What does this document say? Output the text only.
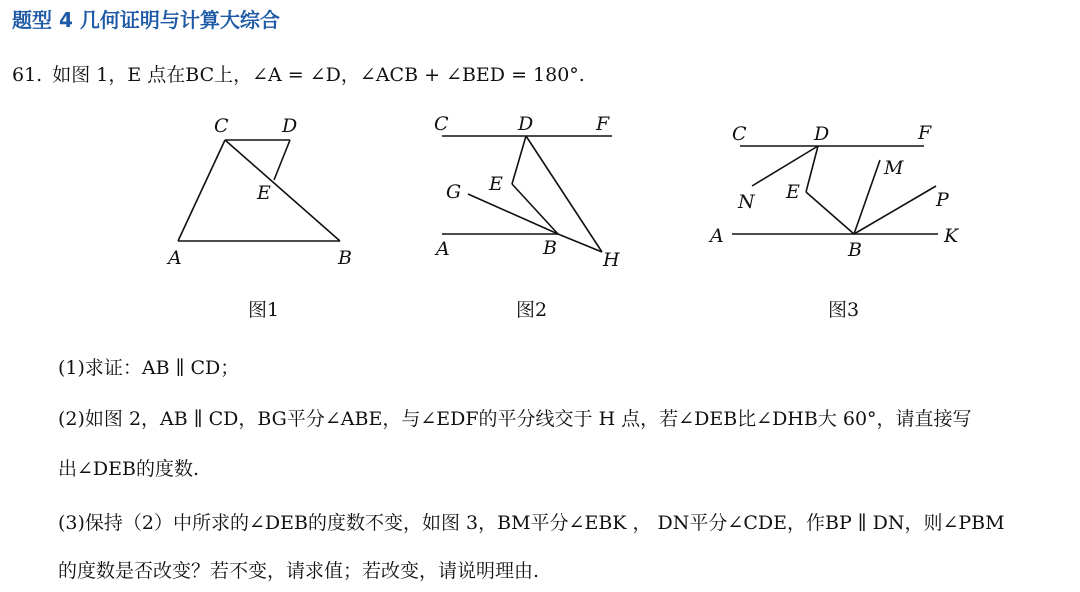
题型 4 几何证明与计算大综合
61. 如图 1，E 点在BC上，∠A = ∠D，∠ACB + ∠BED = 180°.
C	D
E
A	B
图1
C	D	F
G E
A	B
H
图2
C	D	F
M
N E	P
A
B
K
图3
(1)求证：AB ∥ CD；
(2)如图 2，AB ∥ CD，BG平分∠ABE，与∠EDF的平分线交于 H 点，若∠DEB比∠DHB大 60°，请直接写
出∠DEB的度数.
(3)保持（2）中所求的∠DEB的度数不变，如图 3，BM平分∠EBK ， DN平分∠CDE，作BP ∥ DN，则∠PBM
的度数是否改变？若不变，请求值；若改变，请说明理由.
